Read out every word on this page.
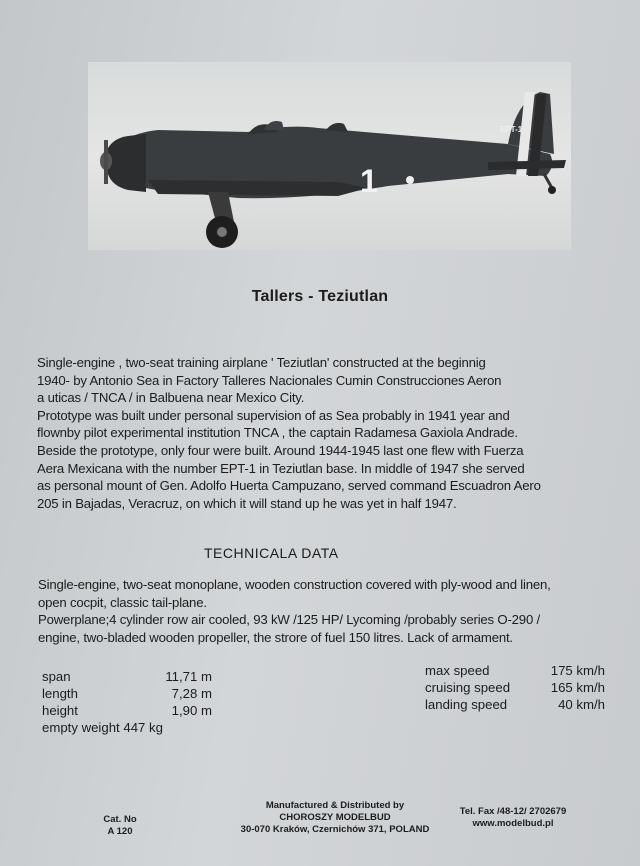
EPT-1
1
Tallers - Teziutlan
Single-engine , two-seat training airplane ' Teziutlan' constructed at the beginnig
1940- by Antonio Sea in Factory Talleres Nacionales Cumin Construcciones Aeron
a uticas / TNCA / in Balbuena near Mexico City.
Prototype was built under personal supervision of as Sea probably in 1941 year and
flownby pilot experimental institution TNCA , the captain Radamesa Gaxiola Andrade.
Beside the prototype, only four were built. Around 1944-1945 last one flew with Fuerza
Aera Mexicana with the number EPT-1 in Teziutlan base. In middle of 1947 she served
as personal mount of Gen. Adolfo Huerta Campuzano, served command Escuadron Aero
205 in Bajadas, Veracruz, on which it will stand up he was yet in half 1947.
TECHNICALA DATA
Single-engine, two-seat monoplane, wooden construction covered with ply-wood and linen,
open cocpit, classic tail-plane.
Powerplane;4 cylinder row air cooled, 93 kW /125 HP/ Lycoming /probably series O-290 /
engine, two-bladed wooden propeller, the strore of fuel 150 litres. Lack of armament.
span	11,71 m
length	7,28 m
height	1,90 m
empty weight 447 kg
max speed	175 km/h
cruising speed	165 km/h
landing speed	40 km/h
Cat. No
A 120
Manufactured & Distributed by
CHOROSZY MODELBUD
30-070 Kraków, Czernichów 371, POLAND
Tel. Fax /48-12/ 2702679
www.modelbud.pl
